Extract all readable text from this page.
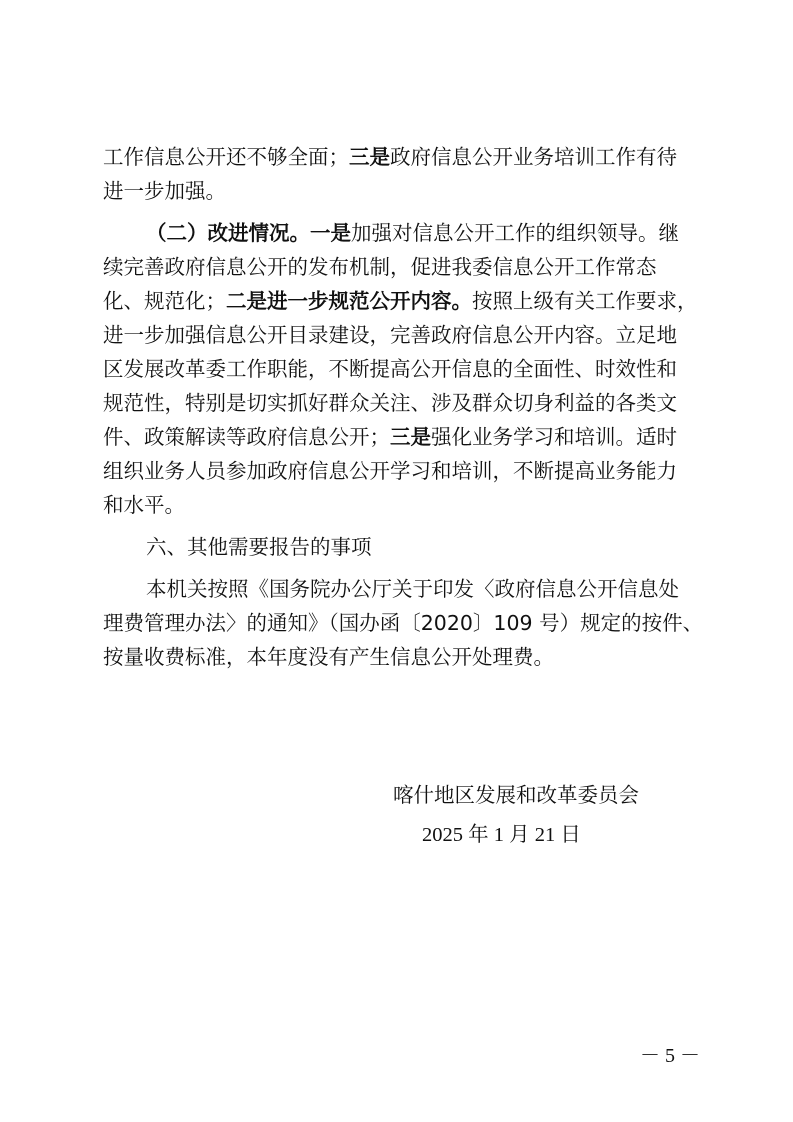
工作信息公开还不够全面；三是政府信息公开业务培训工作有待
进一步加强。
（二）改进情况。一是加强对信息公开工作的组织领导。继
续完善政府信息公开的发布机制，促进我委信息公开工作常态
化、规范化；二是进一步规范公开内容。按照上级有关工作要求，
进一步加强信息公开目录建设，完善政府信息公开内容。立足地
区发展改革委工作职能，不断提高公开信息的全面性、时效性和
规范性，特别是切实抓好群众关注、涉及群众切身利益的各类文
件、政策解读等政府信息公开；三是强化业务学习和培训。适时
组织业务人员参加政府信息公开学习和培训，不断提高业务能力
和水平。
六、其他需要报告的事项
本机关按照《国务院办公厅关于印发〈政府信息公开信息处
理费管理办法〉的通知》（国办函〔2020〕109 号）规定的按件、
按量收费标准，本年度没有产生信息公开处理费。
喀什地区发展和改革委员会
2025 年 1 月 21 日
－ 5 －
